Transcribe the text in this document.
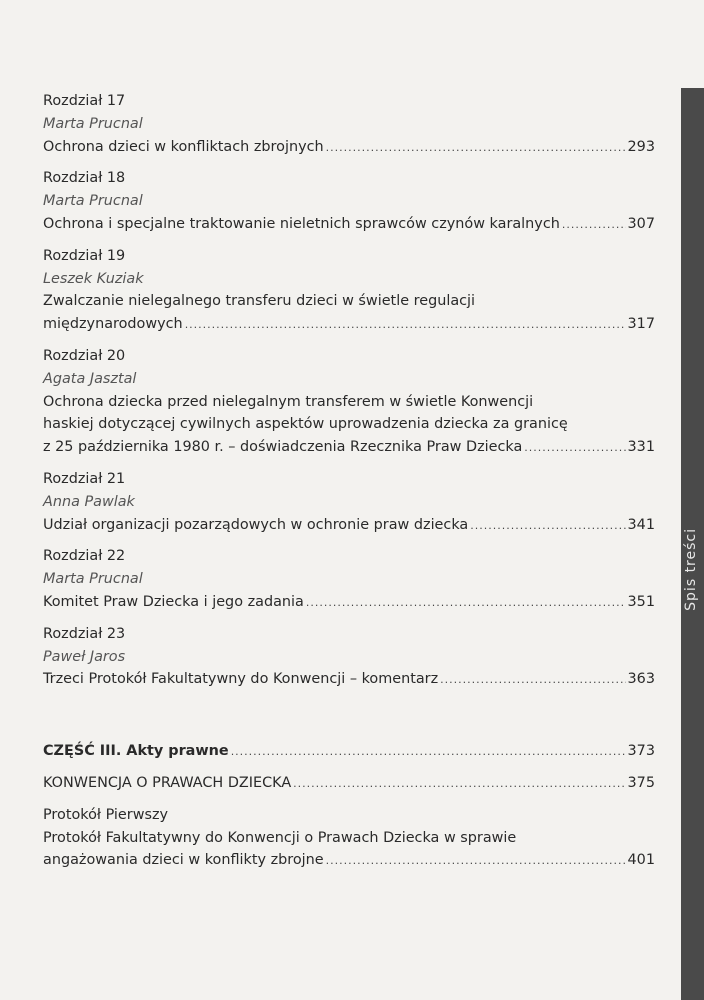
Spis treści
Rozdział 17
Marta Prucnal
Ochrona dzieci w konfliktach zbrojnych .....	293
Rozdział 18
Marta Prucnal
Ochrona i specjalne traktowanie nieletnich sprawców czynów karalnych .....	307
Rozdział 19
Leszek Kuziak
Zwalczanie nielegalnego transferu dzieci w świetle regulacji
międzynarodowych .....	317
Rozdział 20
Agata Jasztal
Ochrona dziecka przed nielegalnym transferem w świetle Konwencji
haskiej dotyczącej cywilnych aspektów uprowadzenia dziecka za granicę
z 25 października 1980 r. – doświadczenia Rzecznika Praw Dziecka .....	331
Rozdział 21
Anna Pawlak
Udział organizacji pozarządowych w ochronie praw dziecka .....	341
Rozdział 22
Marta Prucnal
Komitet Praw Dziecka i jego zadania .....	351
Rozdział 23
Paweł Jaros
Trzeci Protokół Fakultatywny do Konwencji – komentarz .....	363
CZĘŚĆ III. Akty prawne .....	373
KONWENCJA O PRAWACH DZIECKA .....	375
Protokół Pierwszy
Protokół Fakultatywny do Konwencji o Prawach Dziecka w sprawie
angażowania dzieci w konflikty zbrojne .....	401
